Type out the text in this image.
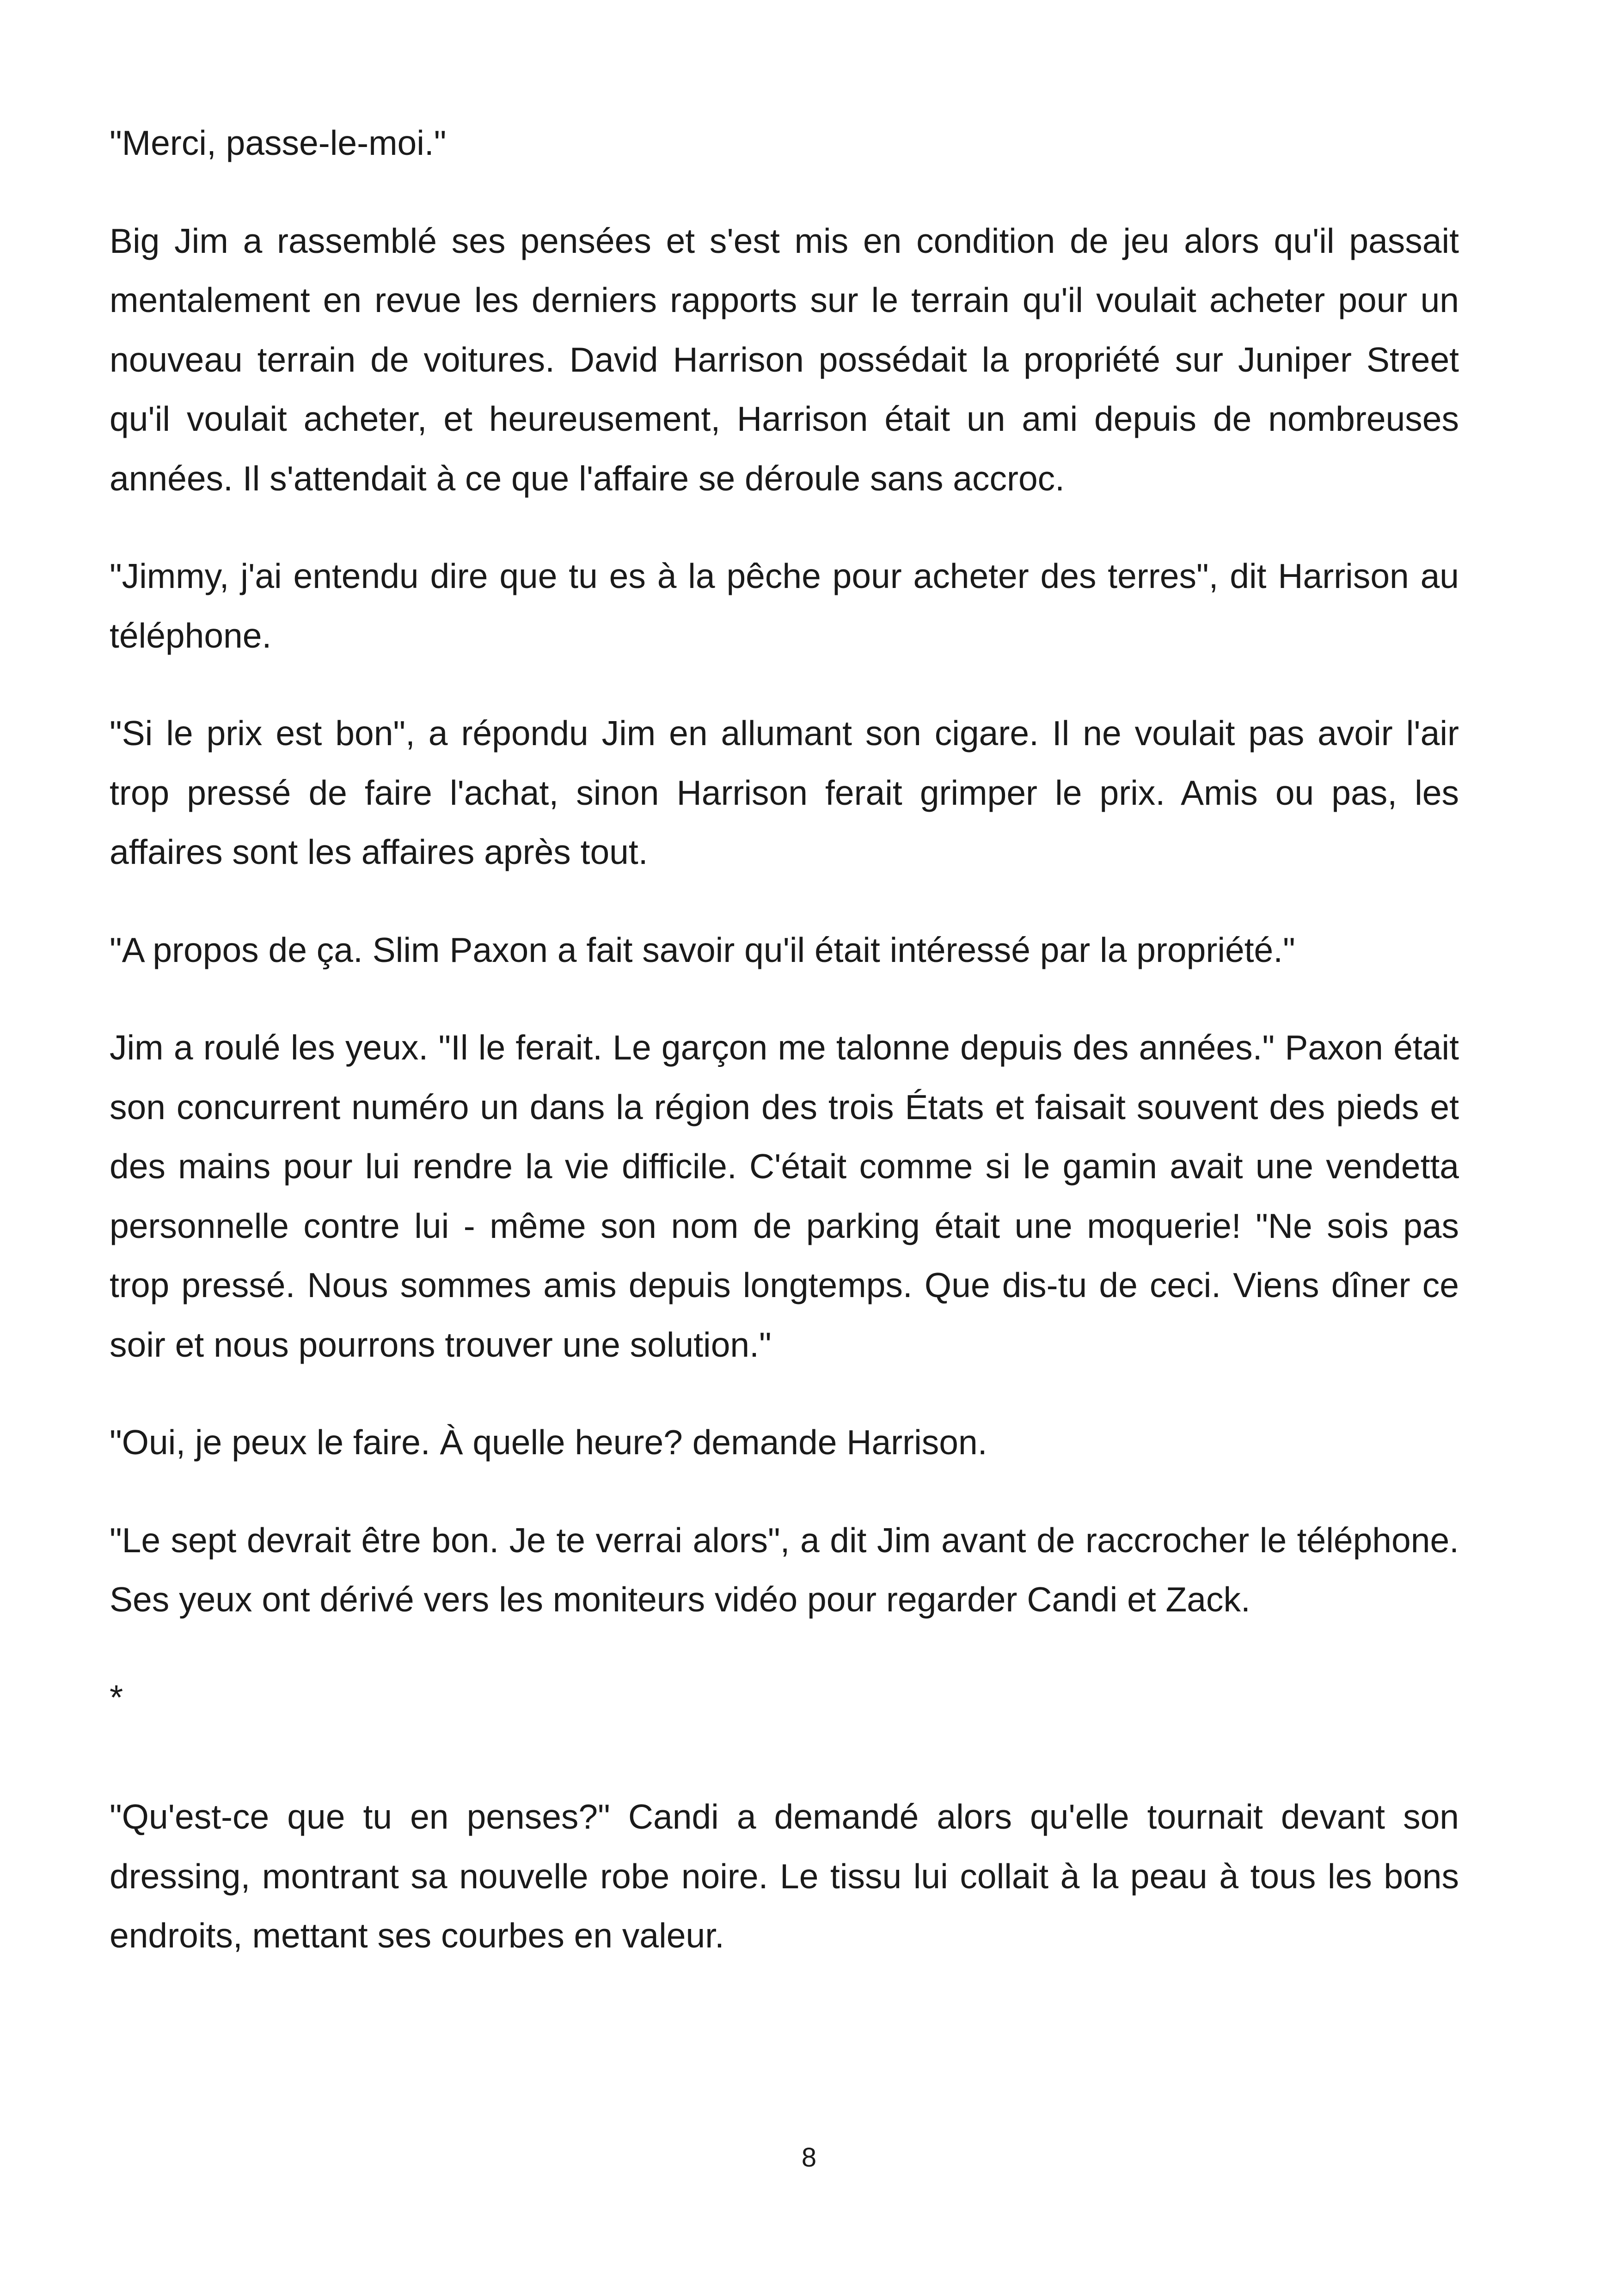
"Merci, passe-le-moi."

Big Jim a rassemblé ses pensées et s'est mis en condition de jeu alors qu'il passait mentalement en revue les derniers rapports sur le terrain qu'il voulait acheter pour un nouveau terrain de voitures. David Harrison possédait la propriété sur Juniper Street qu'il voulait acheter, et heureusement, Harrison était un ami depuis de nombreuses années. Il s'attendait à ce que l'affaire se déroule sans accroc.

"Jimmy, j'ai entendu dire que tu es à la pêche pour acheter des terres", dit Harrison au téléphone.

"Si le prix est bon", a répondu Jim en allumant son cigare. Il ne voulait pas avoir l'air trop pressé de faire l'achat, sinon Harrison ferait grimper le prix. Amis ou pas, les affaires sont les affaires après tout.

"A propos de ça. Slim Paxon a fait savoir qu'il était intéressé par la propriété."

Jim a roulé les yeux. "Il le ferait. Le garçon me talonne depuis des années." Paxon était son concurrent numéro un dans la région des trois États et faisait souvent des pieds et des mains pour lui rendre la vie difficile. C'était comme si le gamin avait une vendetta personnelle contre lui - même son nom de parking était une moquerie! "Ne sois pas trop pressé. Nous sommes amis depuis longtemps. Que dis-tu de ceci. Viens dîner ce soir et nous pourrons trouver une solution."

"Oui, je peux le faire. À quelle heure? demande Harrison.

"Le sept devrait être bon. Je te verrai alors", a dit Jim avant de raccrocher le téléphone. Ses yeux ont dérivé vers les moniteurs vidéo pour regarder Candi et Zack.

*

"Qu'est-ce que tu en penses?" Candi a demandé alors qu'elle tournait devant son dressing, montrant sa nouvelle robe noire. Le tissu lui collait à la peau à tous les bons endroits, mettant ses courbes en valeur.

8
